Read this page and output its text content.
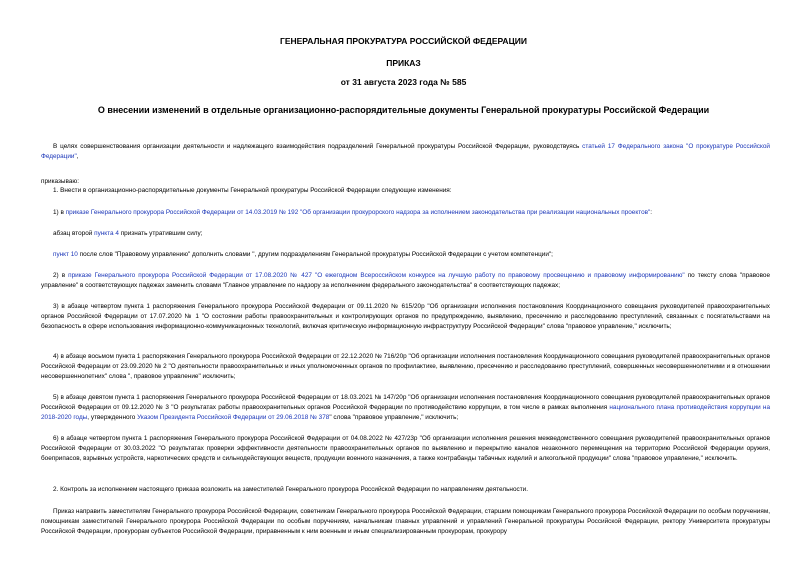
ГЕНЕРАЛЬНАЯ ПРОКУРАТУРА РОССИЙСКОЙ ФЕДЕРАЦИИ
ПРИКАЗ
от 31 августа 2023 года № 585
О внесении изменений в отдельные организационно-распорядительные документы Генеральной прокуратуры Российской Федерации
В целях совершенствования организации деятельности и надлежащего взаимодействия подразделений Генеральной прокуратуры Российской Федерации, руководствуясь статьей 17 Федерального закона "О прокуратуре Российской Федерации",
приказываю:
1. Внести в организационно-распорядительные документы Генеральной прокуратуры Российской Федерации следующие изменения:
1) в приказе Генерального прокурора Российской Федерации от 14.03.2019 № 192 "Об организации прокурорского надзора за исполнением законодательства при реализации национальных проектов":
абзац второй пункта 4 признать утратившим силу;
пункт 10 после слов "Правовому управлению" дополнить словами ", другим подразделениям Генеральной прокуратуры Российской Федерации с учетом компетенции";
2) в приказе Генерального прокурора Российской Федерации от 17.08.2020 № 427 "О ежегодном Всероссийском конкурсе на лучшую работу по правовому просвещению и правовому информированию" по тексту слова "правовое управление" в соответствующих падежах заменить словами "Главное управление по надзору за исполнением федерального законодательства" в соответствующих падежах;
3) в абзаце четвертом пункта 1 распоряжения Генерального прокурора Российской Федерации от 09.11.2020 № 615/20р "Об организации исполнения постановления Координационного совещания руководителей правоохранительных органов Российской Федерации от 17.07.2020 № 1 "О состоянии работы правоохранительных и контролирующих органов по предупреждению, выявлению, пресечению и расследованию преступлений, связанных с посягательствами на безопасность в сфере использования информационно-коммуникационных технологий, включая критическую информационную инфраструктуру Российской Федерации" слова "правовое управление," исключить;
4) в абзаце восьмом пункта 1 распоряжения Генерального прокурора Российской Федерации от 22.12.2020 № 716/20р "Об организации исполнения постановления Координационного совещания руководителей правоохранительных органов Российской Федерации от 23.09.2020 № 2 "О деятельности правоохранительных и иных уполномоченных органов по профилактике, выявлению, пресечению и расследованию преступлений, совершенных несовершеннолетними и в отношении несовершеннолетних" слова ", правовое управление" исключить;
5) в абзаце девятом пункта 1 распоряжения Генерального прокурора Российской Федерации от 18.03.2021 № 147/20р "Об организации исполнения постановления Координационного совещания руководителей правоохранительных органов Российской Федерации от 09.12.2020 № 3 "О результатах работы правоохранительных органов Российской Федерации по противодействию коррупции, в том числе в рамках выполнения национального плана противодействия коррупции на 2018-2020 годы, утвержденного Указом Президента Российской Федерации от 29.06.2018 № 378" слова "правовое управление," исключить;
6) в абзаце четвертом пункта 1 распоряжения Генерального прокурора Российской Федерации от 04.08.2022 № 427/23р "Об организации исполнения решения межведомственного совещания руководителей правоохранительных органов Российской Федерации от 30.03.2022 "О результатах проверки эффективности деятельности правоохранительных органов по выявлению и перекрытию каналов незаконного перемещения на территорию Российской Федерации оружия, боеприпасов, взрывных устройств, наркотических средств и сильнодействующих веществ, продукции военного назначения, а также контрабанды табачных изделий и алкогольной продукции" слова "правовое управление," исключить.
2. Контроль за исполнением настоящего приказа возложить на заместителей Генерального прокурора Российской Федерации по направлениям деятельности.
Приказ направить заместителям Генерального прокурора Российской Федерации, советникам Генерального прокурора Российской Федерации, старшим помощникам Генерального прокурора Российской Федерации по особым поручениям, помощникам заместителей Генерального прокурора Российской Федерации по особым поручениям, начальникам главных управлений и управлений Генеральной прокуратуры Российской Федерации, ректору Университета прокуратуры Российской Федерации, прокурорам субъектов Российской Федерации, приравненным к ним военным и иным специализированным прокурорам, прокурору
